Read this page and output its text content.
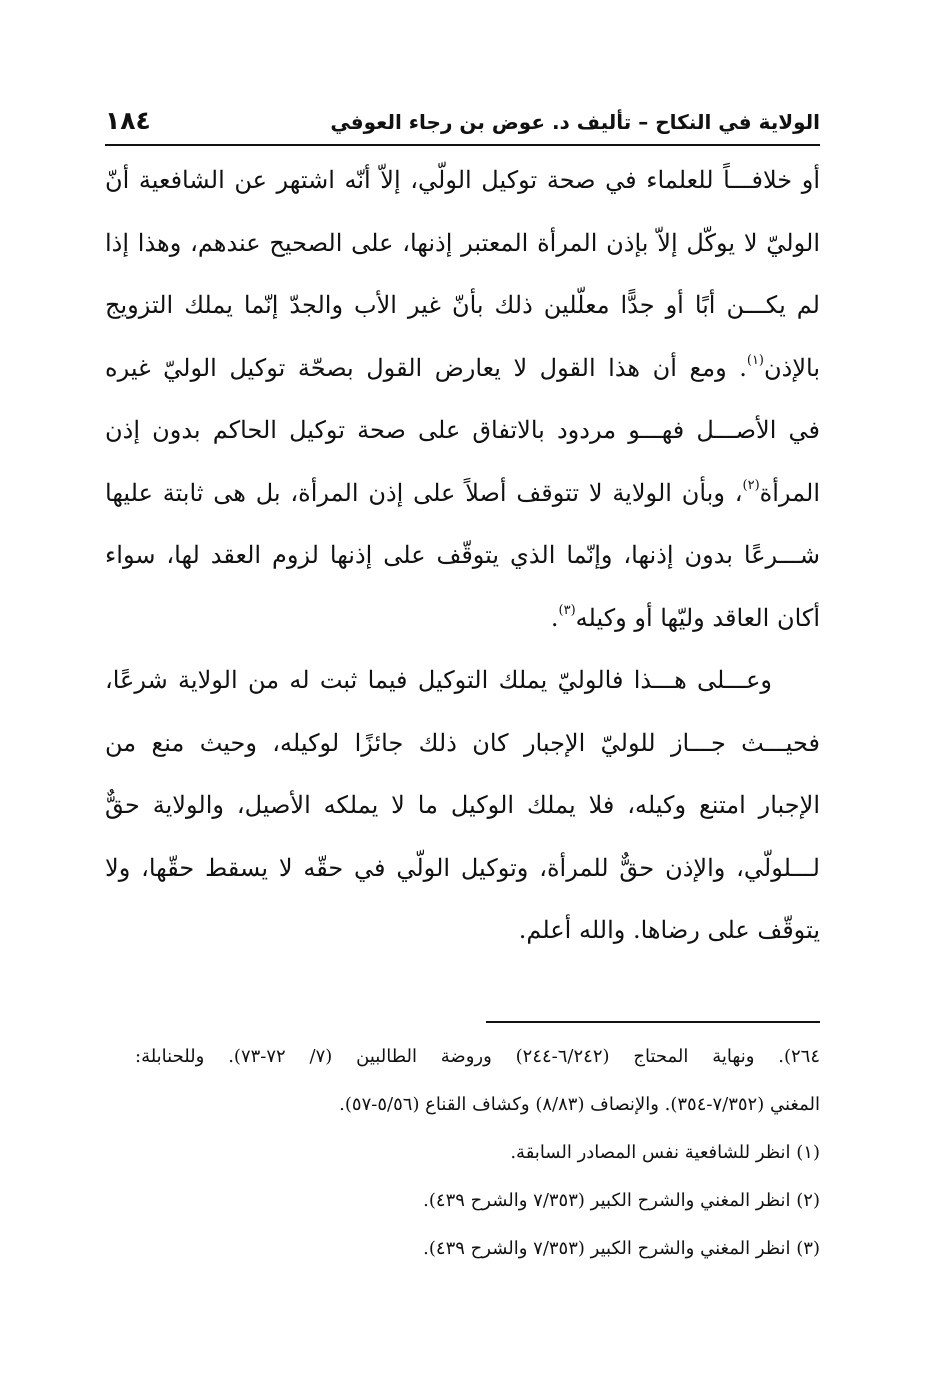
الولاية في النكاح – تأليف د. عوض بن رجاء العوفي
١٨٤
أو خلافـــاً للعلماء في صحة توكيل الولّي، إلاّ أنّه اشتهر عن الشافعية أنّ
الوليّ لا يوكّل إلاّ بإذن المرأة المعتبر إذنها، على الصحيح عندهم، وهذا إذا
لم يكـــن أبًا أو جدًّا معلّلين ذلك بأنّ غير الأب والجدّ إنّما يملك التزويج
بالإذن$^{(١)}$. ومع أن هذا القول لا يعارض القول بصحّة توكيل الوليّ غيره
في الأصـــل فهـــو مردود بالاتفاق على صحة توكيل الحاكم بدون إذن
المرأة$^{(٢)}$، وبأن الولاية لا تتوقف أصلاً على إذن المرأة، بل هى ثابتة عليها
شـــرعًا بدون إذنها، وإنّما الذي يتوقّف على إذنها لزوم العقد لها، سواء
أكان العاقد وليّها أو وكيله$^{(٣)}$.
وعـــلى هـــذا فالوليّ يملك التوكيل فيما ثبت له من الولاية شرعًا،
فحيـــث جـــاز للوليّ الإجبار كان ذلك جائزًا لوكيله، وحيث منع من
الإجبار امتنع وكيله، فلا يملك الوكيل ما لا يملكه الأصيل، والولاية حقٌّ
لـــلولّي، والإذن حقٌّ للمرأة، وتوكيل الولّي في حقّه لا يسقط حقّها، ولا
يتوقّف على رضاها. والله أعلم.
٢٦٤). ونهاية المحتاج (٦/٢٤٢-٢٤٤) وروضة الطالبين (٧/ ٧٢-٧٣). وللحنابلة:
المغني (٧/٣٥٢-٣٥٤). والإنصاف (٨/٨٣) وكشاف القناع (٥/٥٦-٥٧).
(١) انظر للشافعية نفس المصادر السابقة.
(٢) انظر المغني والشرح الكبير (٧/٣٥٣ والشرح ٤٣٩).
(٣) انظر المغني والشرح الكبير (٧/٣٥٣ والشرح ٤٣٩).
